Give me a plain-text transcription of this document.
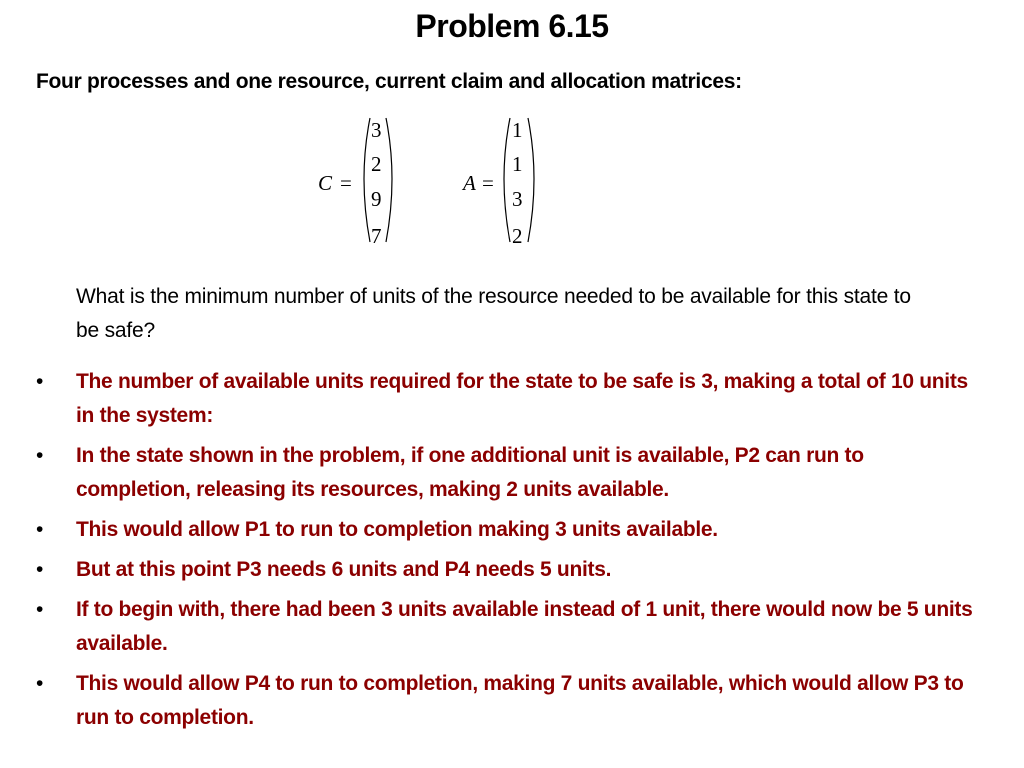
Problem 6.15
Four processes and one resource, current claim and allocation matrices:
C =
3
2
9
7
A =
1
1
3
2
What is the minimum number of units of the resource needed to be available for this state to be safe?
• The number of available units required for the state to be safe is 3, making a total of 10 units in the system:
• In the state shown in the problem, if one additional unit is available, P2 can run to completion, releasing its resources, making 2 units available.
• This would allow P1 to run to completion making 3 units available.
• But at this point P3 needs 6 units and P4 needs 5 units.
• If to begin with, there had been 3 units available instead of 1 unit, there would now be 5 units available.
• This would allow P4 to run to completion, making 7 units available, which would allow P3 to run to completion.
